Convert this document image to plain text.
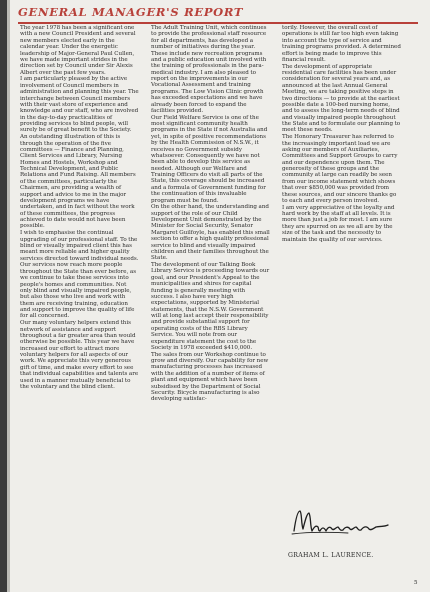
GENERAL MANAGER'S REPORT

The year 1978 has been a significant one with a new Council President and several new members elected early in the calendar year. Under the energetic leadership of Major-General Paul Cullen, we have made important strides in the direction set by Council under Sir Alexis Albert over the past few years.

I am particularly pleased by the active involvement of Council members in administration and planning this year. The interchange between Council members with their vast store of experience and knowledge and our staff, who are involved in the day-to-day practicalities of providing services to blind people, will surely be of great benefit to the Society.

An outstanding illustration of this is through the operation of the five committees — Finance and Planning, Client Services and Library, Nursing Homes and Hostels, Workshop and Technical Development, and Public Relations and Fund Raising. All members of the committees, particularly the Chairmen, are providing a wealth of support and advice to me in the major development programs we have undertaken, and in fact without the work of these committees, the progress achieved to date would not have been possible.

I wish to emphasise the continual upgrading of our professional staff. To the blind or visually impaired client this has meant more reliable and higher quality services directed toward individual needs.

Our services now reach more people throughout the State than ever before, as we continue to take these services into people's homes and communities. Not only blind and visually impaired people, but also those who live and work with them are receiving training, education and support to improve the quality of life for all concerned.

Our many voluntary helpers extend this network of assistance and support throughout a far greater area than would otherwise be possible. This year we have increased our effort to attract more voluntary helpers for all aspects of our work. We appreciate this very generous gift of time, and make every effort to see that individual capabilities and talents are used in a manner mutually beneficial to the voluntary and the blind client.

The Adult Training Unit, which continues to provide the professional staff resource for all departments, has developed a number of initiatives during the year. These include new recreation programs and a public education unit involved with the training of professionals in the para-medical industry. I am also pleased to report on the improvements in our Vocational Assessment and training programs. The Low Vision Clinic growth has exceeded expectations and we have already been forced to expand the facilities provided.

Our Field Welfare Service is one of the most significant community health programs in the State if not Australia and yet, in spite of positive recommendations by the Health Commission of N.S.W., it receives no Government subsidy whatsoever. Consequently we have not been able to develop this service as needed. Although our Welfare and Training Officers do visit all parts of the State, this coverage should be increased and a formula of Government funding for the continuation of this invaluable program must be found.

On the other hand, the understanding and support of the role of our Child Development Unit demonstrated by the Minister for Social Security, Senator Margaret Guilfoyle, has enabled this small section to offer a high quality professional service to blind and visually impaired children and their families throughout the State.

The development of our Talking Book Library Service is proceeding towards our goal, and our President's Appeal to the municipalities and shires for capital funding is generally meeting with success. I also have very high expectations, supported by Ministerial statements, that the N.S.W. Government will at long last accept their responsibility and provide substantial support for operating costs of the RBS Library Service. You will note from our expenditure statement the cost to the Society in 1978 exceeded $410,000.

The sales from our Workshop continue to grow and diversify. Our capability for new manufacturing processes has increased with the addition of a number of items of plant and equipment which have been subsidised by the Department of Social Security. Bicycle manufacturing is also developing satisfac-

torily. However, the overall cost of operations is still far too high even taking into account the type of service and training programs provided. A determined effort is being made to improve this financial result.

The development of appropriate residential care facilities has been under consideration for several years and, as announced at the last Annual General Meeting, we are taking positive steps in two directions — to provide at the earliest possible date a 100-bed nursing home, and to assess the long-term needs of blind and visually impaired people throughout the State and to formulate our planning to meet these needs.

The Honorary Treasurer has referred to the increasingly important load we are asking our members of Auxiliaries, Committees and Support Groups to carry and our dependence upon them. The generosity of these groups and the community at large can readily be seen from our income statement which shows that over $850,000 was provided from these sources, and our sincere thanks go to each and every person involved.

I am very appreciative of the loyalty and hard work by the staff at all levels. It is more than just a job for most. I am sure they are spurred on as we all are by the size of the task and the necessity to maintain the quality of our services.

GRAHAM L. LAURENCE.
5
